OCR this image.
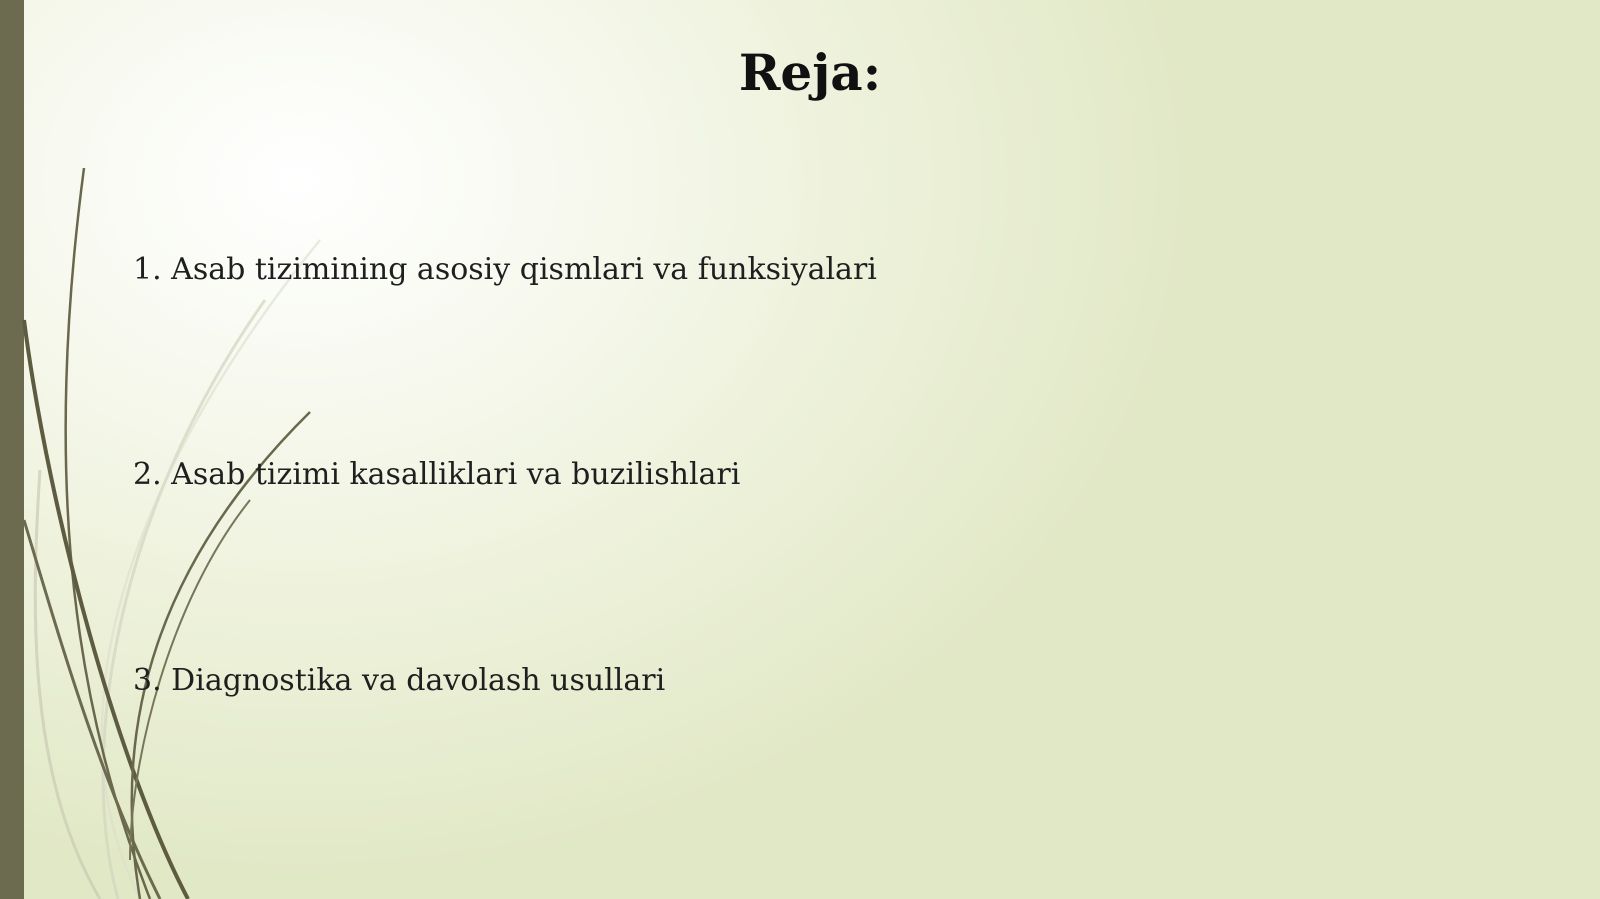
Reja:
1. Asab tizimining asosiy qismlari va funksiyalari
2. Asab tizimi kasalliklari va buzilishlari
3. Diagnostika va davolash usullari
